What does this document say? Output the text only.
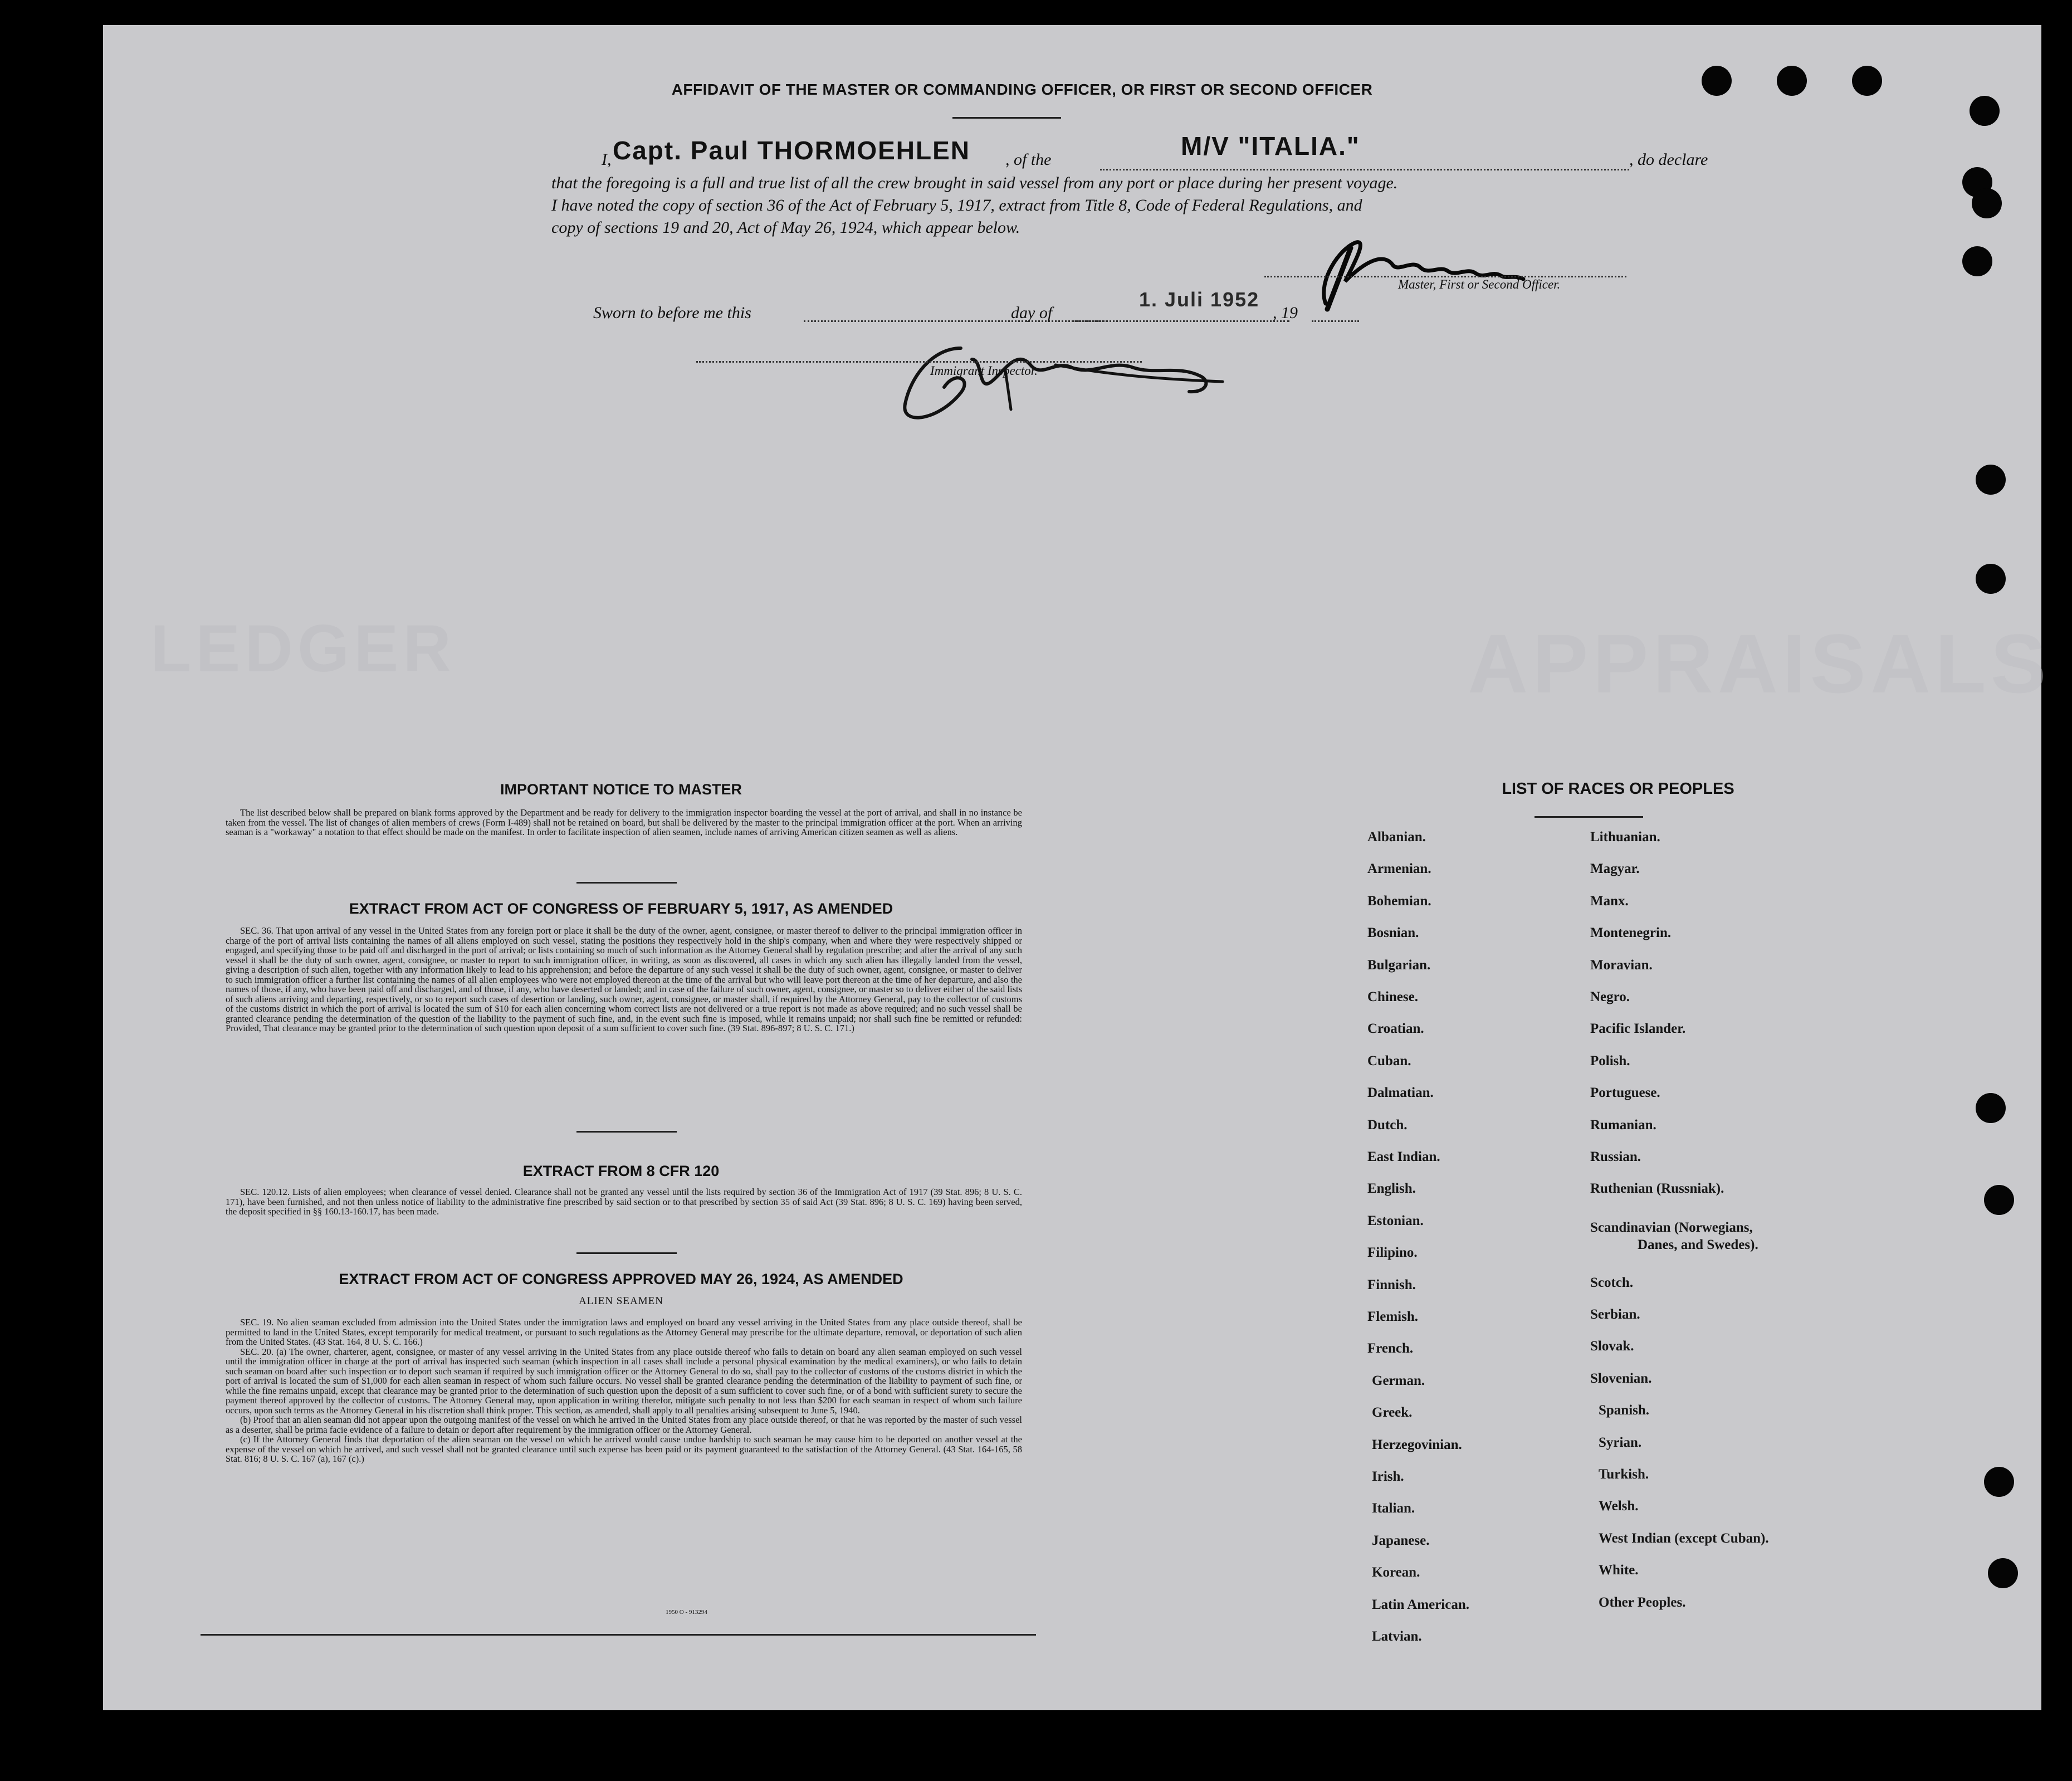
LEDGER	APPRAISALS
AFFIDAVIT OF THE MASTER OR COMMANDING OFFICER, OR FIRST OR SECOND OFFICER
I, Capt. Paul THORMOEHLEN , of the	M/V "ITALIA."	, do declare
that the foregoing is a full and true list of all the crew brought in said vessel from any port or place during her present voyage.
I have noted the copy of section 36 of the Act of February 5, 1917, extract from Title 8, Code of Federal Regulations, and
copy of sections 19 and 20, Act of May 26, 1924, which appear below.
Master, First or Second Officer.
Sworn to before me this	day of
1. Juli 1952
, 19
Immigrant Inspector.
IMPORTANT NOTICE TO MASTER

The list described below shall be prepared on blank forms approved by the Department and be ready for delivery to the immigration inspector boarding the vessel at the port of arrival, and shall in no instance be taken from the vessel. The list of changes of alien members of crews (Form I-489) shall not be retained on board, but shall be delivered by the master to the principal immigration officer at the port. When an arriving seaman is a "workaway" a notation to that effect should be made on the manifest. In order to facilitate inspection of alien seamen, include names of arriving American citizen seamen as well as aliens.

EXTRACT FROM ACT OF CONGRESS OF FEBRUARY 5, 1917, AS AMENDED

SEC. 36. That upon arrival of any vessel in the United States from any foreign port or place it shall be the duty of the owner, agent, consignee, or master thereof to deliver to the principal immigration officer in charge of the port of arrival lists containing the names of all aliens employed on such vessel, stating the positions they respectively hold in the ship's company, when and where they were respectively shipped or engaged, and specifying those to be paid off and discharged in the port of arrival; or lists containing so much of such information as the Attorney General shall by regulation prescribe; and after the arrival of any such vessel it shall be the duty of such owner, agent, consignee, or master to report to such immigration officer, in writing, as soon as discovered, all cases in which any such alien has illegally landed from the vessel, giving a description of such alien, together with any information likely to lead to his apprehension; and before the departure of any such vessel it shall be the duty of such owner, agent, consignee, or master to deliver to such immigration officer a further list containing the names of all alien employees who were not employed thereon at the time of the arrival but who will leave port thereon at the time of her departure, and also the names of those, if any, who have been paid off and discharged, and of those, if any, who have deserted or landed; and in case of the failure of such owner, agent, consignee, or master so to deliver either of the said lists of such aliens arriving and departing, respectively, or so to report such cases of desertion or landing, such owner, agent, consignee, or master shall, if required by the Attorney General, pay to the collector of customs of the customs district in which the port of arrival is located the sum of $10 for each alien concerning whom correct lists are not delivered or a true report is not made as above required; and no such vessel shall be granted clearance pending the determination of the question of the liability to the payment of such fine, and, in the event such fine is imposed, while it remains unpaid; nor shall such fine be remitted or refunded: Provided, That clearance may be granted prior to the determination of such question upon deposit of a sum sufficient to cover such fine. (39 Stat. 896-897; 8 U. S. C. 171.)

EXTRACT FROM 8 CFR 120

SEC. 120.12. Lists of alien employees; when clearance of vessel denied. Clearance shall not be granted any vessel until the lists required by section 36 of the Immigration Act of 1917 (39 Stat. 896; 8 U. S. C. 171), have been furnished, and not then unless notice of liability to the administrative fine prescribed by said section or to that prescribed by section 35 of said Act (39 Stat. 896; 8 U. S. C. 169) having been served, the deposit specified in §§ 160.13-160.17, has been made.

EXTRACT FROM ACT OF CONGRESS APPROVED MAY 26, 1924, AS AMENDED
ALIEN SEAMEN

SEC. 19. No alien seaman excluded from admission into the United States under the immigration laws and employed on board any vessel arriving in the United States from any place outside thereof, shall be permitted to land in the United States, except temporarily for medical treatment, or pursuant to such regulations as the Attorney General may prescribe for the ultimate departure, removal, or deportation of such alien from the United States. (43 Stat. 164, 8 U. S. C. 166.)

SEC. 20. (a) The owner, charterer, agent, consignee, or master of any vessel arriving in the United States from any place outside thereof who fails to detain on board any alien seaman employed on such vessel until the immigration officer in charge at the port of arrival has inspected such seaman (which inspection in all cases shall include a personal physical examination by the medical examiners), or who fails to detain such seaman on board after such inspection or to deport such seaman if required by such immigration officer or the Attorney General to do so, shall pay to the collector of customs of the customs district in which the port of arrival is located the sum of $1,000 for each alien seaman in respect of whom such failure occurs. No vessel shall be granted clearance pending the determination of the liability to payment of such fine, or while the fine remains unpaid, except that clearance may be granted prior to the determination of such question upon the deposit of a sum sufficient to cover such fine, or of a bond with sufficient surety to secure the payment thereof approved by the collector of customs. The Attorney General may, upon application in writing therefor, mitigate such penalty to not less than $200 for each seaman in respect of whom such failure occurs, upon such terms as the Attorney General in his discretion shall think proper. This section, as amended, shall apply to all penalties arising subsequent to June 5, 1940.

(b) Proof that an alien seaman did not appear upon the outgoing manifest of the vessel on which he arrived in the United States from any place outside thereof, or that he was reported by the master of such vessel as a deserter, shall be prima facie evidence of a failure to detain or deport after requirement by the immigration officer or the Attorney General.

(c) If the Attorney General finds that deportation of the alien seaman on the vessel on which he arrived would cause undue hardship to such seaman he may cause him to be deported on another vessel at the expense of the vessel on which he arrived, and such vessel shall not be granted clearance until such expense has been paid or its payment guaranteed to the satisfaction of the Attorney General. (43 Stat. 164-165, 58 Stat. 816; 8 U. S. C. 167 (a), 167 (c).)

1950 O - 913294
LIST OF RACES OR PEOPLES
Albanian.
Armenian.
Bohemian.
Bosnian.
Bulgarian.
Chinese.
Croatian.
Cuban.
Dalmatian.
Dutch.
East Indian.
English.
Estonian.
Filipino.
Finnish.
Flemish.
French.
German.
Greek.
Herzegovinian.
Irish.
Italian.
Japanese.
Korean.
Latin American.
Latvian.
Lithuanian.
Magyar.
Manx.
Montenegrin.
Moravian.
Negro.
Pacific Islander.
Polish.
Portuguese.
Rumanian.
Russian.
Ruthenian (Russniak).
Scandinavian (Norwegians,
Danes, and Swedes).
Scotch.
Serbian.
Slovak.
Slovenian.
Spanish.
Syrian.
Turkish.
Welsh.
West Indian (except Cuban).
White.
Other Peoples.
